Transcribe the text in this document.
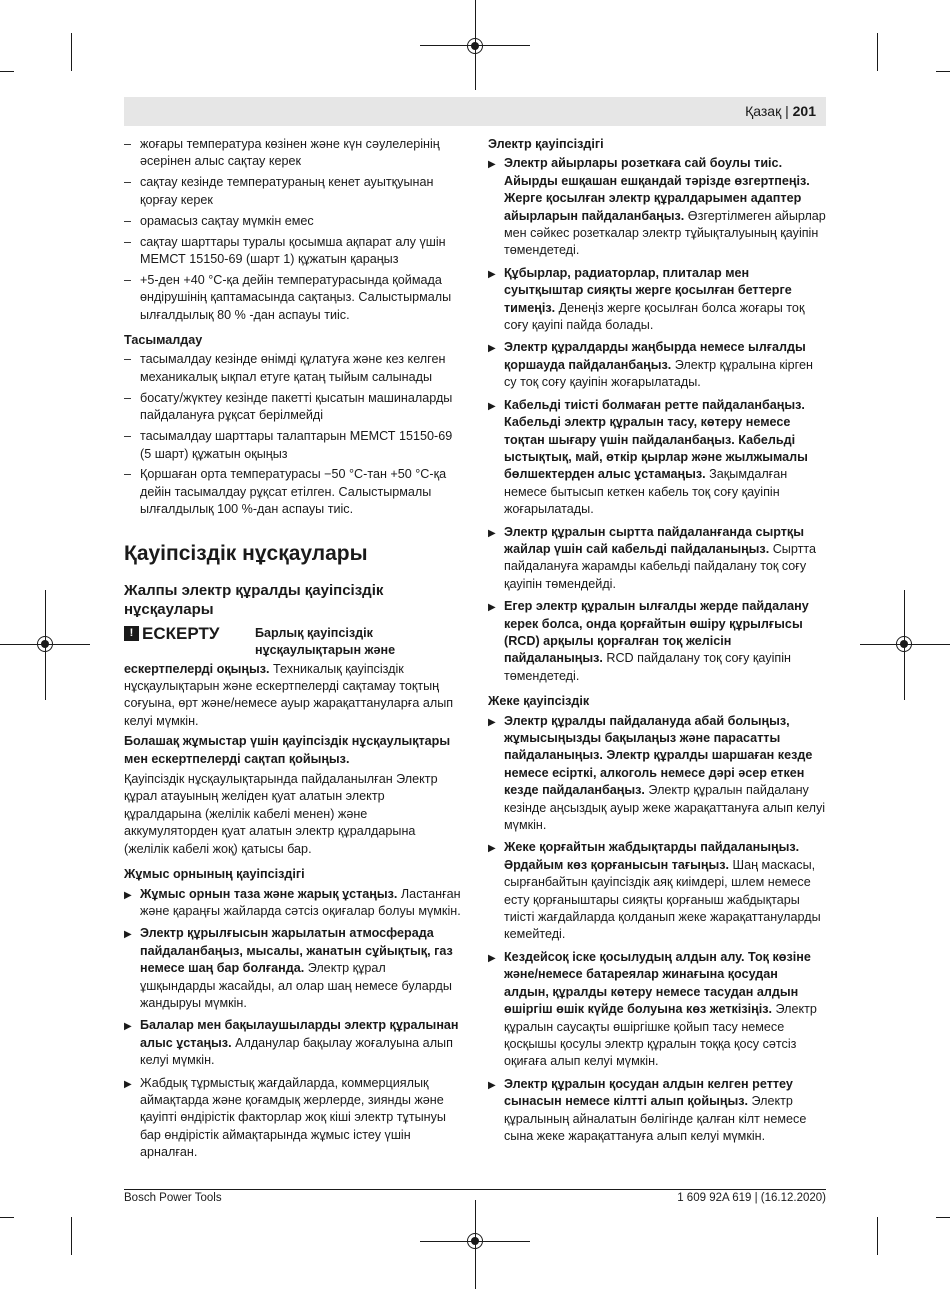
Қазақ | 201
– жоғары температура көзінен және күн сәулелерінің әсерінен алыс сақтау керек
– сақтау кезінде температураның кенет ауытқуынан қорғау керек
– орамасыз сақтау мүмкін емес
– сақтау шарттары туралы қосымша ақпарат алу үшін МЕМСТ 15150-69 (шарт 1) құжатын қараңыз
– +5-ден +40 °C-қа дейін температурасында қоймада өндірушінің қаптамасында сақтаңыз. Салыстырмалы ылғалдылық 80 % -дан аспауы тиіс.
Тасымалдау
– тасымалдау кезінде өнімді құлатуға және кез келген механикалық ықпал етуге қатаң тыйым салынады
– босату/жүктеу кезінде пакетті қысатын машиналарды пайдалануға рұқсат берілмейді
– тасымалдау шарттары талаптарын МЕМСТ 15150-69 (5 шарт) құжатын оқыңыз
– Қоршаған орта температурасы −50 °C-тан +50 °C-қа дейін тасымалдау рұқсат етілген. Салыстырмалы ылғалдылық 100 %-дан аспауы тиіс.
Қауіпсіздік нұсқаулары
Жалпы электр құралды қауіпсіздік нұсқаулары
! ЕСКЕРТУ	Барлық қауіпсіздік нұсқаулықтарын және

ескертпелерді оқыңыз. Техникалық қауіпсіздік нұсқаулықтарын және ескертпелерді сақтамау тоқтың соғуына, өрт және/немесе ауыр жарақаттануларға алып келуі мүмкін.

Болашақ жұмыстар үшін қауіпсіздік нұсқаулықтары мен ескертпелерді сақтап қойыңыз.

Қауіпсіздік нұсқаулықтарында пайдаланылған Электр құрал атауының желіден қуат алатын электр құралдарына (желілік кабелі менен) және аккумуляторден қуат алатын электр құралдарына (желілік кабелі жоқ) қатысы бар.

Жұмыс орнының қауіпсіздігі
▶ Жұмыс орнын таза және жарық ұстаңыз. Ластанған және қараңғы жайларда сәтсіз оқиғалар болуы мүмкін.
▶ Электр құрылғысын жарылатын атмосферада пайдаланбаңыз, мысалы, жанатын сұйықтық, газ немесе шаң бар болғанда. Электр құрал ұшқындарды жасайды, ал олар шаң немесе буларды жандыруы мүмкін.
▶ Балалар мен бақылаушыларды электр құралынан алыс ұстаңыз. Алданулар бақылау жоғалуына алып келуі мүмкін.
▶ Жабдық тұрмыстық жағдайларда, коммерциялық аймақтарда және қоғамдық жерлерде, зиянды және қауіпті өндірістік факторлар жоқ кіші электр тұтынуы бар өндірістік аймақтарында жұмыс істеу үшін арналған.
Электр қауіпсіздігі
▶ Электр айырлары розеткаға сай боулы тиіс. Айырды ешқашан ешқандай тәрізде өзгертпеңіз. Жерге қосылған электр құралдарымен адаптер айырларын пайдаланбаңыз. Өзгертілмеген айырлар мен сәйкес розеткалар электр тұйықталуының қауіпін төмендетеді.
▶ Құбырлар, радиаторлар, плиталар мен суытқыштар сияқты жерге қосылған беттерге тимеңіз. Денеңіз жерге қосылған болса жоғары тоқ соғу қауіпі пайда болады.
▶ Электр құралдарды жаңбырда немесе ылғалды қоршауда пайдаланбаңыз. Электр құралына кірген су тоқ соғу қауіпін жоғарылатады.
▶ Кабельді тиісті болмаған ретте пайдаланбаңыз. Кабельді электр құралын тасу, көтеру немесе тоқтан шығару үшін пайдаланбаңыз. Кабельді ыстықтық, май, өткір қырлар және жылжымалы бөлшектерден алыс ұстамаңыз. Зақымдалған немесе бытысып кеткен кабель тоқ соғу қауіпін жоғарылатады.
▶ Электр құралын сыртта пайдаланғанда сыртқы жайлар үшін сай кабельді пайдаланыңыз. Сыртта пайдалануға жарамды кабельді пайдалану тоқ соғу қауіпін төмендейді.
▶ Егер электр құралын ылғалды жерде пайдалану керек болса, онда қорғайтын өшіру құрылғысы (RCD) арқылы қорғалған тоқ желісін пайдаланыңыз. RCD пайдалану тоқ соғу қауіпін төмендетеді.
Жеке қауіпсіздік
▶ Электр құралды пайдалануда абай болыңыз, жұмысыңызды бақылаңыз және парасатты пайдаланыңыз. Электр құралды шаршаған кезде немесе есірткі, алкоголь немесе дәрі әсер еткен кезде пайдаланбаңыз. Электр құралын пайдалану кезінде аңсыздық ауыр жеке жарақаттануға алып келуі мүмкін.
▶ Жеке қорғайтын жабдықтарды пайдаланыңыз. Әрдайым көз қорғанысын тағыңыз. Шаң маскасы, сырғанбайтын қауіпсіздік аяқ киімдері, шлем немесе есту қорғаныштары сияқты қорғаныш жабдықтары тиісті жағдайларда қолданып жеке жарақаттануларды кемейтеді.
▶ Кездейсоқ іске қосылудың алдын алу. Тоқ көзіне және/немесе батареялар жинағына қосудан алдын, құралды көтеру немесе тасудан алдын өшіргіш өшік күйде болуына көз жеткізіңіз. Электр құралын саусақты өшіргішке қойып тасу немесе қосқышы қосулы электр құралын тоққа қосу сәтсіз оқиғаға алып келуі мүмкін.
▶ Электр құралын қосудан алдын келген реттеу сынасын немесе кілтті алып қойыңыз. Электр құралының айналатын бөлігінде қалған кілт немесе сына жеке жарақаттануға алып келуі мүмкін.
Bosch Power Tools	1 609 92A 619 | (16.12.2020)
